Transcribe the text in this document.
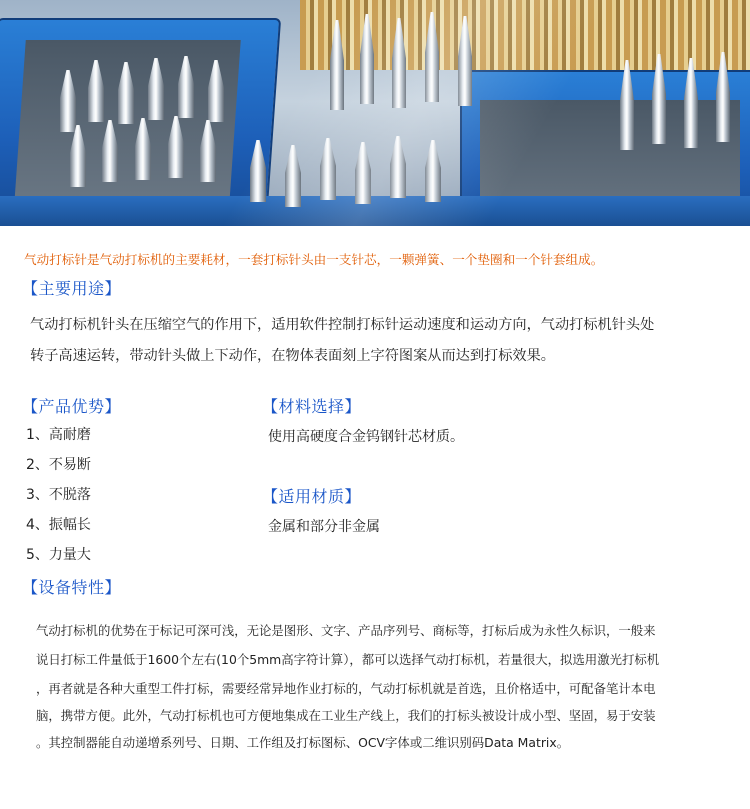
气动打标针是气动打标机的主要耗材，一套打标针头由一支针芯，一颗弹簧、一个垫圈和一个针套组成。
【主要用途】
气动打标机针头在压缩空气的作用下，适用软件控制打标针运动速度和运动方向，气动打标机针头处
转子高速运转，带动针头做上下动作，在物体表面刻上字符图案从而达到打标效果。
【产品优势】
1、高耐磨
2、不易断
3、不脱落
4、振幅长
5、力量大
【材料选择】
使用高硬度合金钨钢针芯材质。
【适用材质】
金属和部分非金属
【设备特性】
气动打标机的优势在于标记可深可浅，无论是图形、文字、产品序列号、商标等，打标后成为永性久标识，一般来
说日打标工件量低于1600个左右(10个5mm高字符计算），都可以选择气动打标机，若量很大，拟选用激光打标机
，再者就是各种大重型工件打标，需要经常异地作业打标的，气动打标机就是首选，且价格适中，可配备笔计本电
脑，携带方便。此外，气动打标机也可方便地集成在工业生产线上，我们的打标头被设计成小型、坚固，易于安装
。其控制器能自动递增系列号、日期、工作组及打标图标、OCV字体或二维识别码Data Matrix。
